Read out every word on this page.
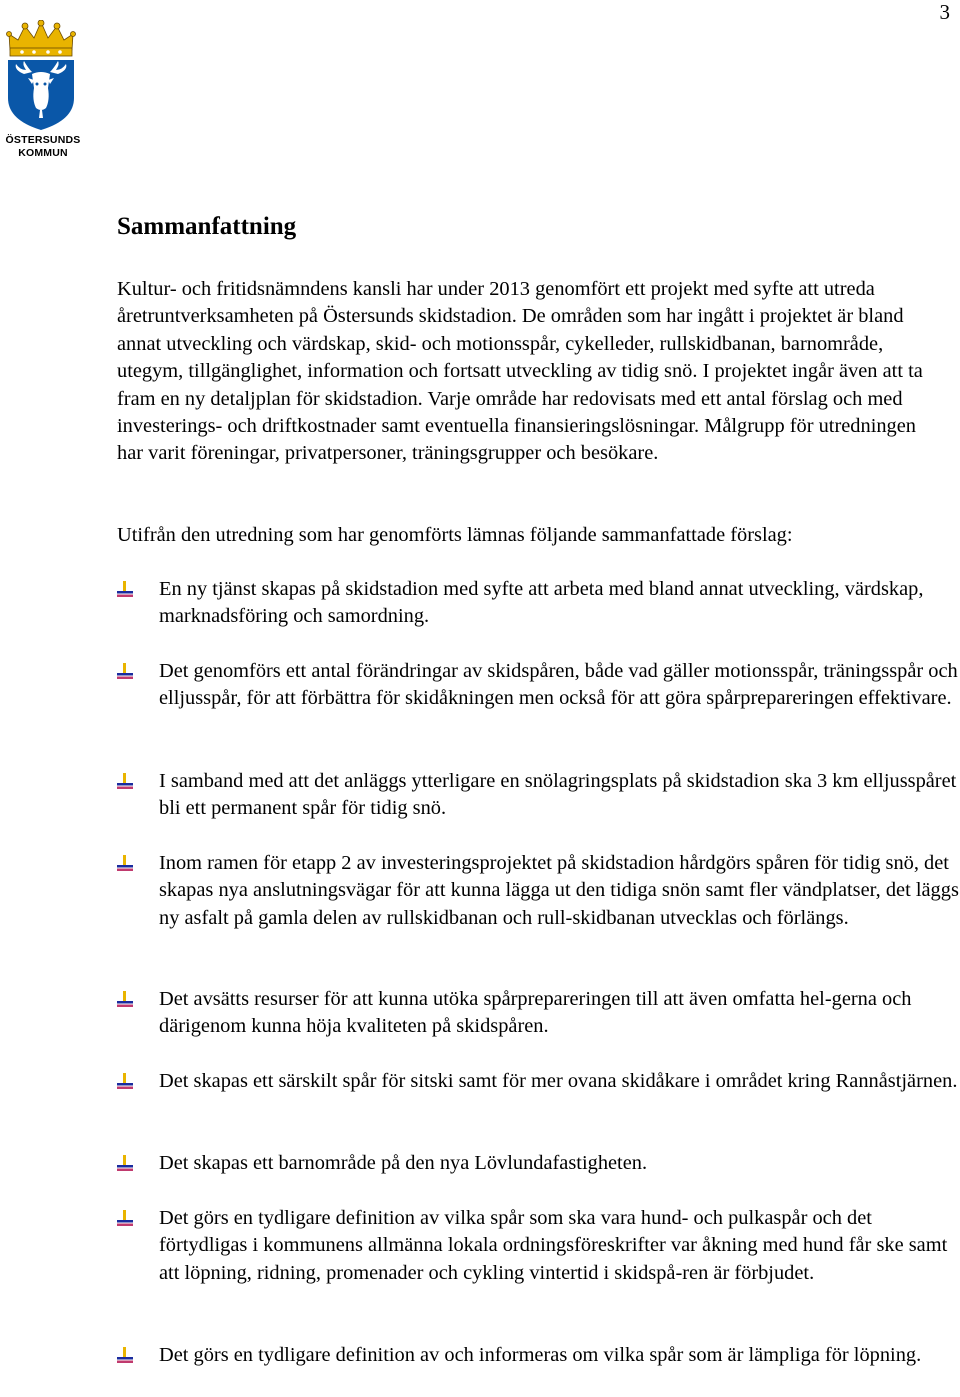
3
ÖSTERSUNDS
KOMMUN
Sammanfattning

Kultur- och fritidsnämndens kansli har under 2013 genomfört ett projekt med syfte att utreda åretruntverksamheten på Östersunds skidstadion. De områden som har ingått i projektet är bland annat utveckling och värdskap, skid- och motionsspår, cykelleder, rullskidbanan, barnområde, utegym, tillgänglighet, information och fortsatt utveckling av tidig snö. I projektet ingår även att ta fram en ny detaljplan för skidstadion. Varje område har redovisats med ett antal förslag och med investerings- och driftkostnader samt eventuella finansieringslösningar. Målgrupp för utredningen har varit föreningar, privatpersoner, träningsgrupper och besökare.

Utifrån den utredning som har genomförts lämnas följande sammanfattade förslag:

En ny tjänst skapas på skidstadion med syfte att arbeta med bland annat utveckling, värdskap, marknadsföring och samordning.
Det genomförs ett antal förändringar av skidspåren, både vad gäller motionsspår, träningsspår och elljusspår, för att förbättra för skidåkningen men också för att göra spårprepareringen effektivare.
I samband med att det anläggs ytterligare en snölagringsplats på skidstadion ska 3 km elljusspåret bli ett permanent spår för tidig snö.
Inom ramen för etapp 2 av investeringsprojektet på skidstadion hårdgörs spåren för tidig snö, det skapas nya anslutningsvägar för att kunna lägga ut den tidiga snön samt fler vändplatser, det läggs ny asfalt på gamla delen av rullskidbanan och rull-skidbanan utvecklas och förlängs.
Det avsätts resurser för att kunna utöka spårprepareringen till att även omfatta hel-gerna och därigenom kunna höja kvaliteten på skidspåren.
Det skapas ett särskilt spår för sitski samt för mer ovana skidåkare i området kring Rannåstjärnen.
Det skapas ett barnområde på den nya Lövlundafastigheten.
Det görs en tydligare definition av vilka spår som ska vara hund- och pulkaspår och det förtydligas i kommunens allmänna lokala ordningsföreskrifter var åkning med hund får ske samt att löpning, ridning, promenader och cykling vintertid i skidspå-ren är förbjudet.
Det görs en tydligare definition av och informeras om vilka spår som är lämpliga för löpning.
